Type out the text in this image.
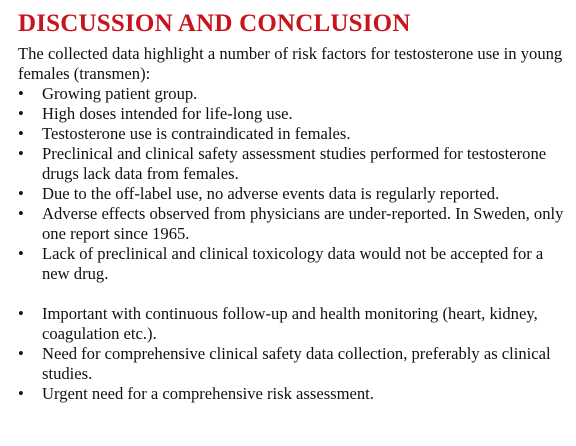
DISCUSSION AND CONCLUSION

The collected data highlight a number of risk factors for testosterone use in young females (transmen):

•	Growing patient group.
•	High doses intended for life-long use.
•	Testosterone use is contraindicated in females.
•	Preclinical and clinical safety assessment studies performed for testosterone drugs lack data from females.
•	Due to the off-label use, no adverse events data is regularly reported.
•	Adverse effects observed from physicians are under-reported. In Sweden, only one report since 1965.
•	Lack of preclinical and clinical toxicology data would not be accepted for a new drug.
•	Important with continuous follow-up and health monitoring (heart, kidney, coagulation etc.).
•	Need for comprehensive clinical safety data collection, preferably as clinical studies.
•	Urgent need for a comprehensive risk assessment.
